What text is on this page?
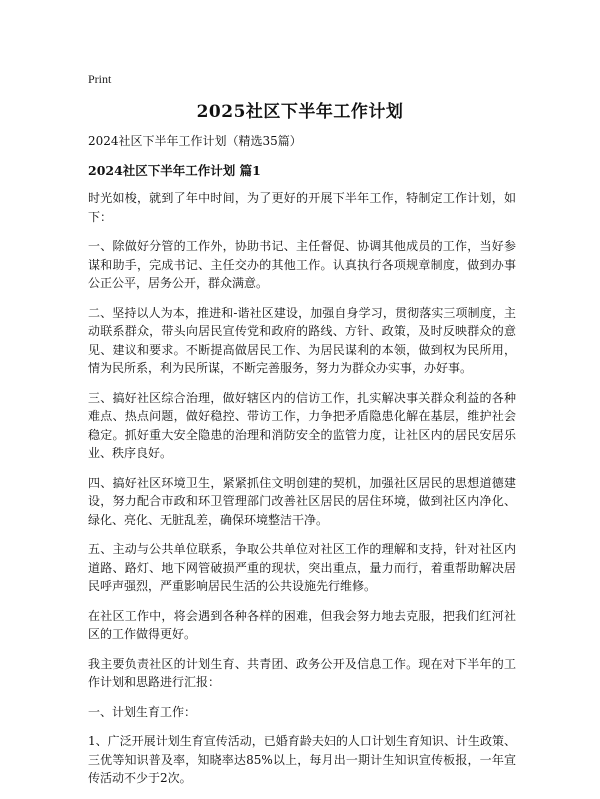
Print
2025社区下半年工作计划

2024社区下半年工作计划（精选35篇）

2024社区下半年工作计划 篇1

时光如梭，就到了年中时间，为了更好的开展下半年工作，特制定工作计划，如下：

一、除做好分管的工作外，协助书记、主任督促、协调其他成员的工作，当好参谋和助手，完成书记、主任交办的其他工作。认真执行各项规章制度，做到办事公正公平，居务公开，群众满意。

二、坚持以人为本，推进和-谐社区建设，加强自身学习，贯彻落实三项制度，主动联系群众，带头向居民宣传党和政府的路线、方针、政策，及时反映群众的意见、建议和要求。不断提高做居民工作、为居民谋利的本领，做到权为民所用，情为民所系，利为民所谋，不断完善服务，努力为群众办实事，办好事。

三、搞好社区综合治理，做好辖区内的信访工作，扎实解决事关群众利益的各种难点、热点问题，做好稳控、带访工作，力争把矛盾隐患化解在基层，维护社会稳定。抓好重大安全隐患的治理和消防安全的监管力度，让社区内的居民安居乐业、秩序良好。

四、搞好社区环境卫生，紧紧抓住文明创建的契机，加强社区居民的思想道德建设，努力配合市政和环卫管理部门改善社区居民的居住环境，做到社区内净化、绿化、亮化、无脏乱差，确保环境整洁干净。

五、主动与公共单位联系，争取公共单位对社区工作的理解和支持，针对社区内道路、路灯、地下网管破损严重的现状，突出重点，量力而行，着重帮助解决居民呼声强烈，严重影响居民生活的公共设施先行维修。

在社区工作中，将会遇到各种各样的困难，但我会努力地去克服，把我们红河社区的工作做得更好。

我主要负责社区的计划生育、共青团、政务公开及信息工作。现在对下半年的工作计划和思路进行汇报：

一、计划生育工作：

1、广泛开展计划生育宣传活动，已婚育龄夫妇的人口计划生育知识、计生政策、三优等知识普及率，知晓率达85%以上，每月出一期计生知识宣传板报，一年宣传活动不少于2次。
